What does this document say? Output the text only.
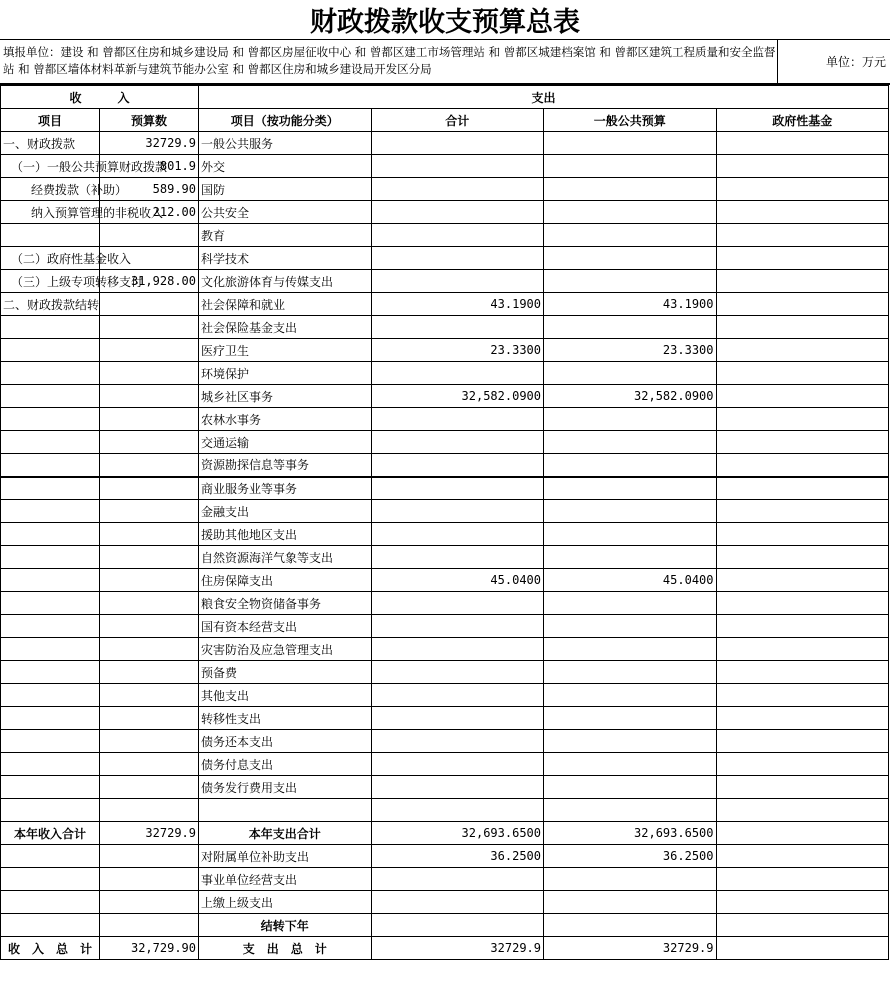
财政拨款收支预算总表
填报单位：建设 和 曾都区住房和城乡建设局 和 曾都区房屋征收中心 和 曾都区建工市场管理站 和 曾都区城建档案馆 和 曾都区建筑工程质量和安全监督站 和 曾都区墙体材料革新与建筑节能办公室 和 曾都区住房和城乡建设局开发区分局	单位：万元
收　　　入		支出			
项目	预算数	项目（按功能分类）	合计	一般公共预算	政府性基金
一、财政拨款	32729.9	一般公共服务			
（一）一般公共预算财政拨款	801.9	外交			
经费拨款（补助）	589.90	国防			
纳入预算管理的非税收入	212.00	公共安全			
		教育			
（二）政府性基金收入		科学技术			
（三）上级专项转移支付	31,928.00	文化旅游体育与传媒支出			
二、财政拨款结转		社会保障和就业	43.1900	43.1900	
		社会保险基金支出			
		医疗卫生	23.3300	23.3300	
		环境保护			
		城乡社区事务	32,582.0900	32,582.0900	
		农林水事务			
		交通运输			
		资源勘探信息等事务			
		商业服务业等事务			
		金融支出			
		援助其他地区支出			
		自然资源海洋气象等支出			
		住房保障支出	45.0400	45.0400	
		粮食安全物资储备事务			
		国有资本经营支出			
		灾害防治及应急管理支出			
		预备费			
		其他支出			
		转移性支出			
		债务还本支出			
		债务付息支出			
		债务发行费用支出			

本年收入合计	32729.9	本年支出合计	32,693.6500	32,693.6500	
		对附属单位补助支出	36.2500	36.2500	
		事业单位经营支出			
		上缴上级支出			
		结转下年			
收　入　总　计	32,729.90	支　出　总　计	32729.9	32729.9	
